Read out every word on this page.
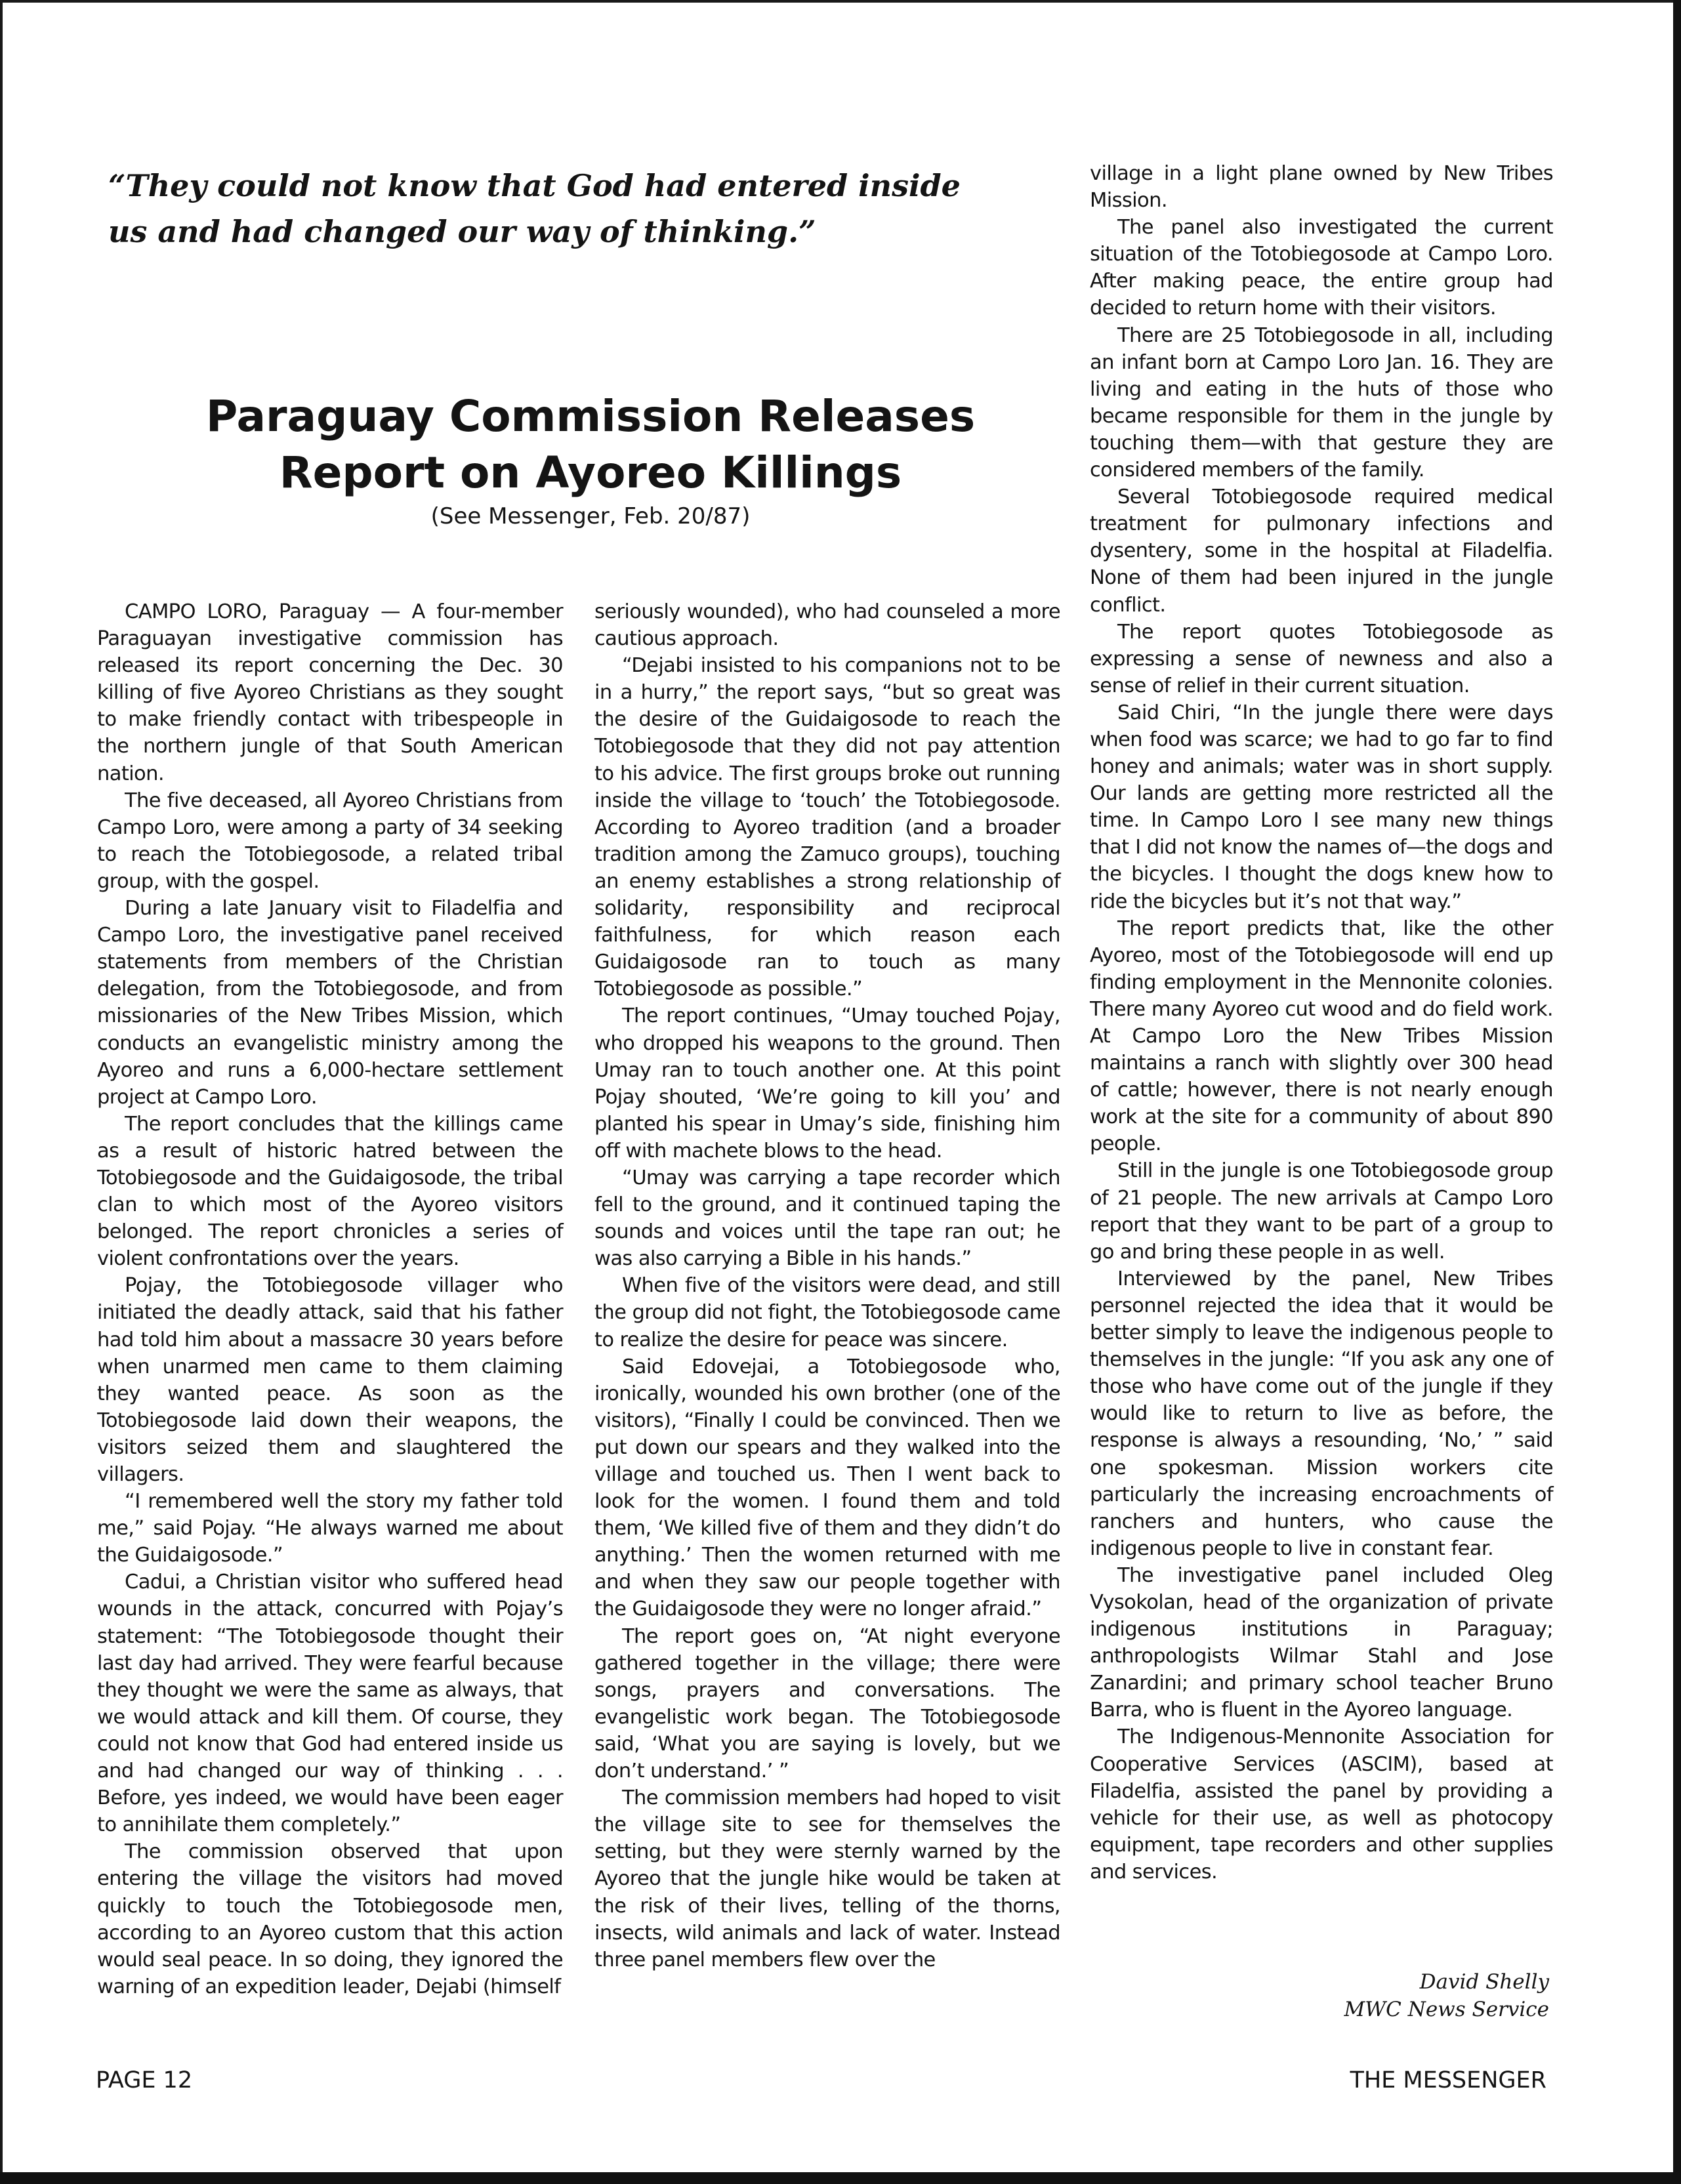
“They could not know that God had entered inside us and had changed our way of thinking.”

Paraguay Commission Releases Report on Ayoreo Killings
(See Messenger, Feb. 20/87)

CAMPO LORO, Paraguay — A four-member Paraguayan investigative commission has released its report concerning the Dec. 30 killing of five Ayoreo Christians as they sought to make friendly contact with tribespeople in the northern jungle of that South American nation.

The five deceased, all Ayoreo Christians from Campo Loro, were among a party of 34 seeking to reach the Totobiegosode, a related tribal group, with the gospel.

During a late January visit to Filadelfia and Campo Loro, the investigative panel received statements from members of the Christian delegation, from the Totobiegosode, and from missionaries of the New Tribes Mission, which conducts an evangelistic ministry among the Ayoreo and runs a 6,000-hectare settlement project at Campo Loro.

The report concludes that the killings came as a result of historic hatred between the Totobiegosode and the Guidaigosode, the tribal clan to which most of the Ayoreo visitors belonged. The report chronicles a series of violent confrontations over the years.

Pojay, the Totobiegosode villager who initiated the deadly attack, said that his father had told him about a massacre 30 years before when unarmed men came to them claiming they wanted peace. As soon as the Totobiegosode laid down their weapons, the visitors seized them and slaughtered the villagers.

“I remembered well the story my father told me,” said Pojay. “He always warned me about the Guidaigosode.”

Cadui, a Christian visitor who suffered head wounds in the attack, concurred with Pojay’s statement: “The Totobiegosode thought their last day had arrived. They were fearful because they thought we were the same as always, that we would attack and kill them. Of course, they could not know that God had entered inside us and had changed our way of thinking . . . Before, yes indeed, we would have been eager to annihilate them completely.”

The commission observed that upon entering the village the visitors had moved quickly to touch the Totobiegosode men, according to an Ayoreo custom that this action would seal peace. In so doing, they ignored the warning of an expedition leader, Dejabi (himself

seriously wounded), who had counseled a more cautious approach.

“Dejabi insisted to his companions not to be in a hurry,” the report says, “but so great was the desire of the Guidaigosode to reach the Totobiegosode that they did not pay attention to his advice. The first groups broke out running inside the village to ‘touch’ the Totobiegosode. According to Ayoreo tradition (and a broader tradition among the Zamuco groups), touching an enemy establishes a strong relationship of solidarity, responsibility and reciprocal faithfulness, for which reason each Guidaigosode ran to touch as many Totobiegosode as possible.”

The report continues, “Umay touched Pojay, who dropped his weapons to the ground. Then Umay ran to touch another one. At this point Pojay shouted, ‘We’re going to kill you’ and planted his spear in Umay’s side, finishing him off with machete blows to the head.

“Umay was carrying a tape recorder which fell to the ground, and it continued taping the sounds and voices until the tape ran out; he was also carrying a Bible in his hands.”

When five of the visitors were dead, and still the group did not fight, the Totobiegosode came to realize the desire for peace was sincere.

Said Edovejai, a Totobiegosode who, ironically, wounded his own brother (one of the visitors), “Finally I could be convinced. Then we put down our spears and they walked into the village and touched us. Then I went back to look for the women. I found them and told them, ‘We killed five of them and they didn’t do anything.’ Then the women returned with me and when they saw our people together with the Guidaigosode they were no longer afraid.”

The report goes on, “At night everyone gathered together in the village; there were songs, prayers and conversations. The evangelistic work began. The Totobiegosode said, ‘What you are saying is lovely, but we don’t understand.’ ”

The commission members had hoped to visit the village site to see for themselves the setting, but they were sternly warned by the Ayoreo that the jungle hike would be taken at the risk of their lives, telling of the thorns, insects, wild animals and lack of water. Instead three panel members flew over the

village in a light plane owned by New Tribes Mission.

The panel also investigated the current situation of the Totobiegosode at Campo Loro. After making peace, the entire group had decided to return home with their visitors.

There are 25 Totobiegosode in all, including an infant born at Campo Loro Jan. 16. They are living and eating in the huts of those who became responsible for them in the jungle by touching them—with that gesture they are considered members of the family.

Several Totobiegosode required medical treatment for pulmonary infections and dysentery, some in the hospital at Filadelfia. None of them had been injured in the jungle conflict.

The report quotes Totobiegosode as expressing a sense of newness and also a sense of relief in their current situation.

Said Chiri, “In the jungle there were days when food was scarce; we had to go far to find honey and animals; water was in short supply. Our lands are getting more restricted all the time. In Campo Loro I see many new things that I did not know the names of—the dogs and the bicycles. I thought the dogs knew how to ride the bicycles but it’s not that way.”

The report predicts that, like the other Ayoreo, most of the Totobiegosode will end up finding employment in the Mennonite colonies. There many Ayoreo cut wood and do field work. At Campo Loro the New Tribes Mission maintains a ranch with slightly over 300 head of cattle; however, there is not nearly enough work at the site for a community of about 890 people.

Still in the jungle is one Totobiegosode group of 21 people. The new arrivals at Campo Loro report that they want to be part of a group to go and bring these people in as well.

Interviewed by the panel, New Tribes personnel rejected the idea that it would be better simply to leave the indigenous people to themselves in the jungle: “If you ask any one of those who have come out of the jungle if they would like to return to live as before, the response is always a resounding, ‘No,’ ” said one spokesman. Mission workers cite particularly the increasing encroachments of ranchers and hunters, who cause the indigenous people to live in constant fear.

The investigative panel included Oleg Vysokolan, head of the organization of private indigenous institutions in Paraguay; anthropologists Wilmar Stahl and Jose Zanardini; and primary school teacher Bruno Barra, who is fluent in the Ayoreo language.

The Indigenous-Mennonite Association for Cooperative Services (ASCIM), based at Filadelfia, assisted the panel by providing a vehicle for their use, as well as photocopy equipment, tape recorders and other supplies and services.

David Shelly
MWC News Service
PAGE 12	THE MESSENGER
